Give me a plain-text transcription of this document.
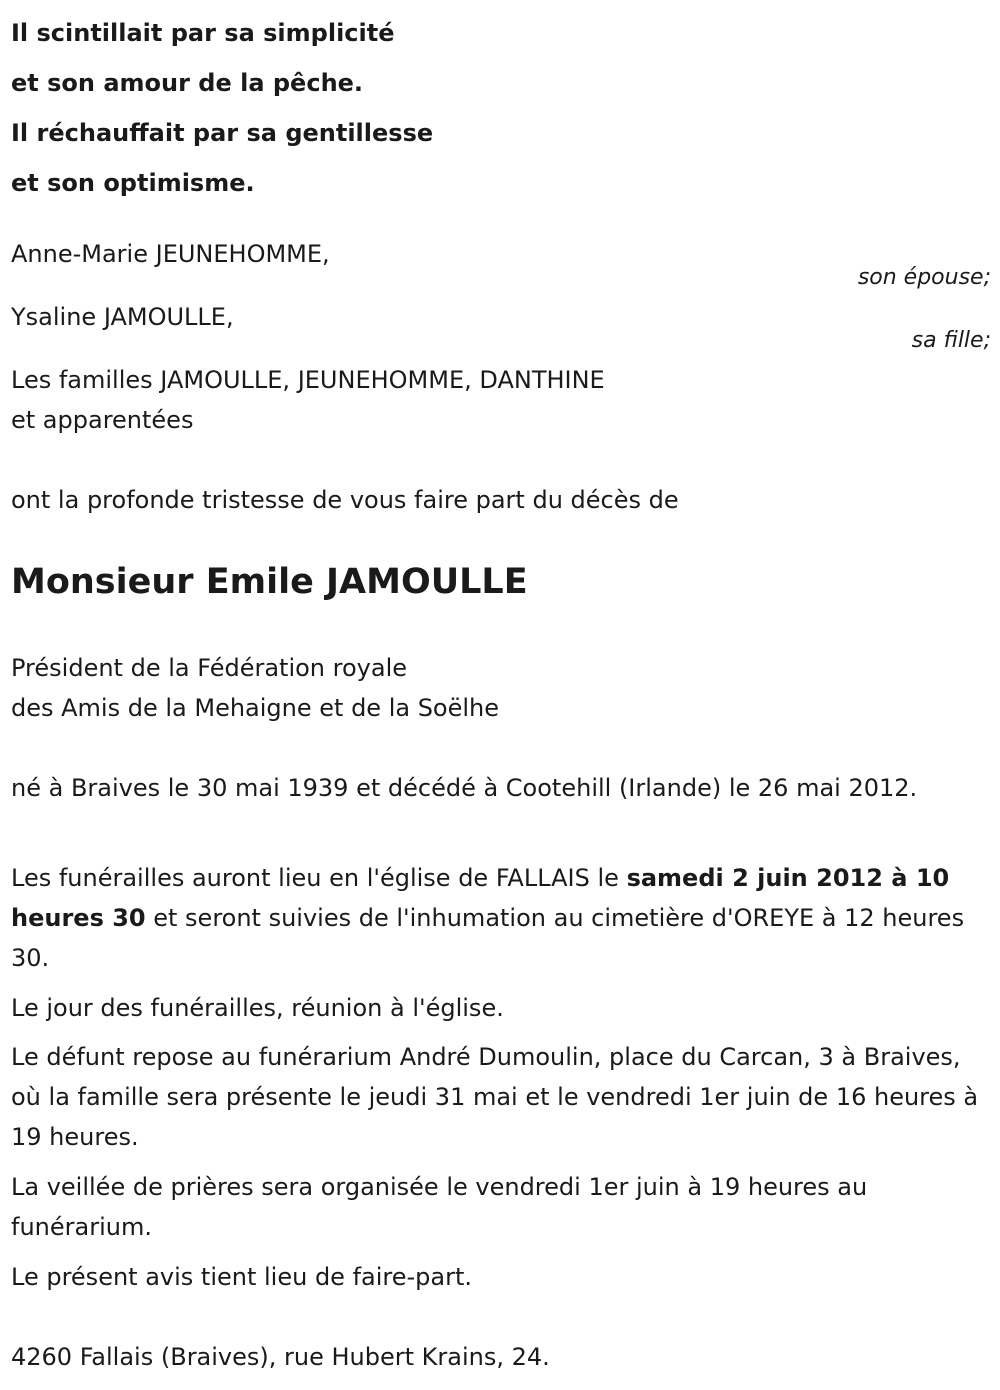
Il scintillait par sa simplicité
et son amour de la pêche.
Il réchauffait par sa gentillesse
et son optimisme.
Anne-Marie JEUNEHOMME,
son épouse;
Ysaline JAMOULLE,
sa fille;
Les familles JAMOULLE, JEUNEHOMME, DANTHINE
et apparentées
ont la profonde tristesse de vous faire part du décès de
Monsieur Emile JAMOULLE
Président de la Fédération royale
des Amis de la Mehaigne et de la Soëlhe
né à Braives le 30 mai 1939 et décédé à Cootehill (Irlande) le 26 mai 2012.
Les funérailles auront lieu en l'église de FALLAIS le samedi 2 juin 2012 à 10 heures 30 et seront suivies de l'inhumation au cimetière d'OREYE à 12 heures 30.
Le jour des funérailles, réunion à l'église.
Le défunt repose au funérarium André Dumoulin, place du Carcan, 3 à Braives, où la famille sera présente le jeudi 31 mai et le vendredi 1er juin de 16 heures à 19 heures.
La veillée de prières sera organisée le vendredi 1er juin à 19 heures au funérarium.
Le présent avis tient lieu de faire-part.
4260 Fallais (Braives), rue Hubert Krains, 24.
